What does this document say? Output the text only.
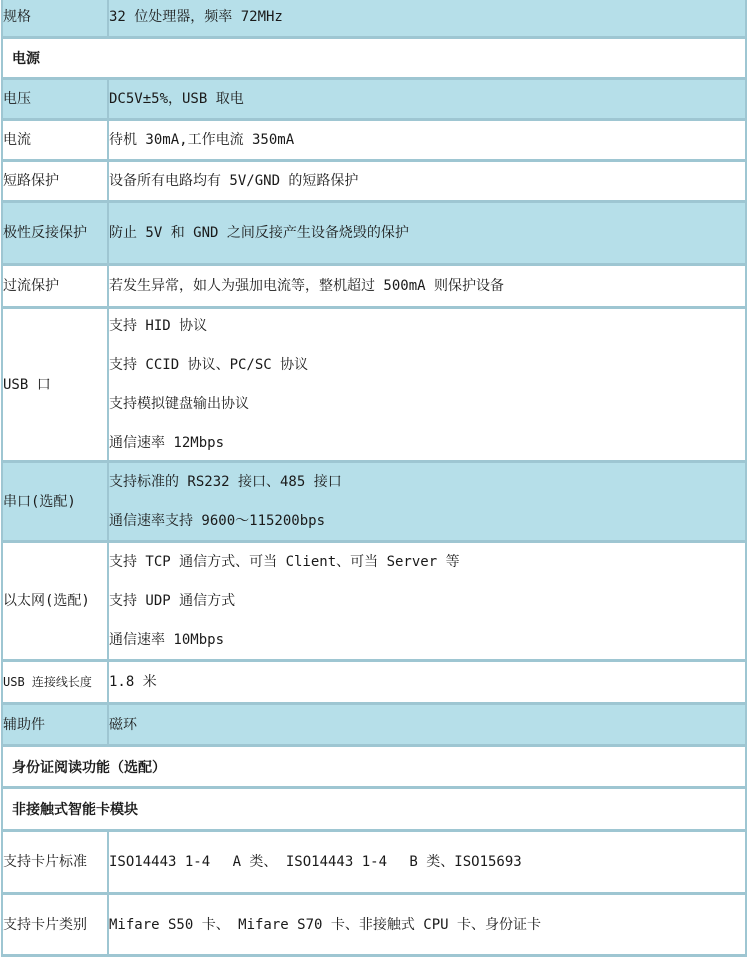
规格	32 位处理器，频率 72MHz

电源	
电压	DC5V±5%，USB 取电

电流	待机 30mA,工作电流 350mA

短路保护	设备所有电路均有 5V/GND 的短路保护

极性反接保护	防止 5V 和 GND 之间反接产生设备烧毁的保护

过流保护	若发生异常，如人为强加电流等，整机超过 500mA 则保护设备

USB 口	支持 HID 协议
支持 CCID 协议、PC/SC 协议
支持模拟键盘输出协议
通信速率 12Mbps

串口(选配)	支持标准的 RS232 接口、485 接口
通信速率支持 9600～115200bps

以太网(选配)	支持 TCP 通信方式、可当 Client、可当 Server 等
支持 UDP 通信方式
通信速率 10Mbps

USB 连接线长度	1.8 米

辅助件	磁环

身份证阅读功能（选配）	
非接触式智能卡模块	
支持卡片标准	ISO14443 1-4　 A 类、 ISO14443 1-4　 B 类、ISO15693

支持卡片类别	Mifare S50 卡、 Mifare S70 卡、非接触式 CPU 卡、身份证卡
